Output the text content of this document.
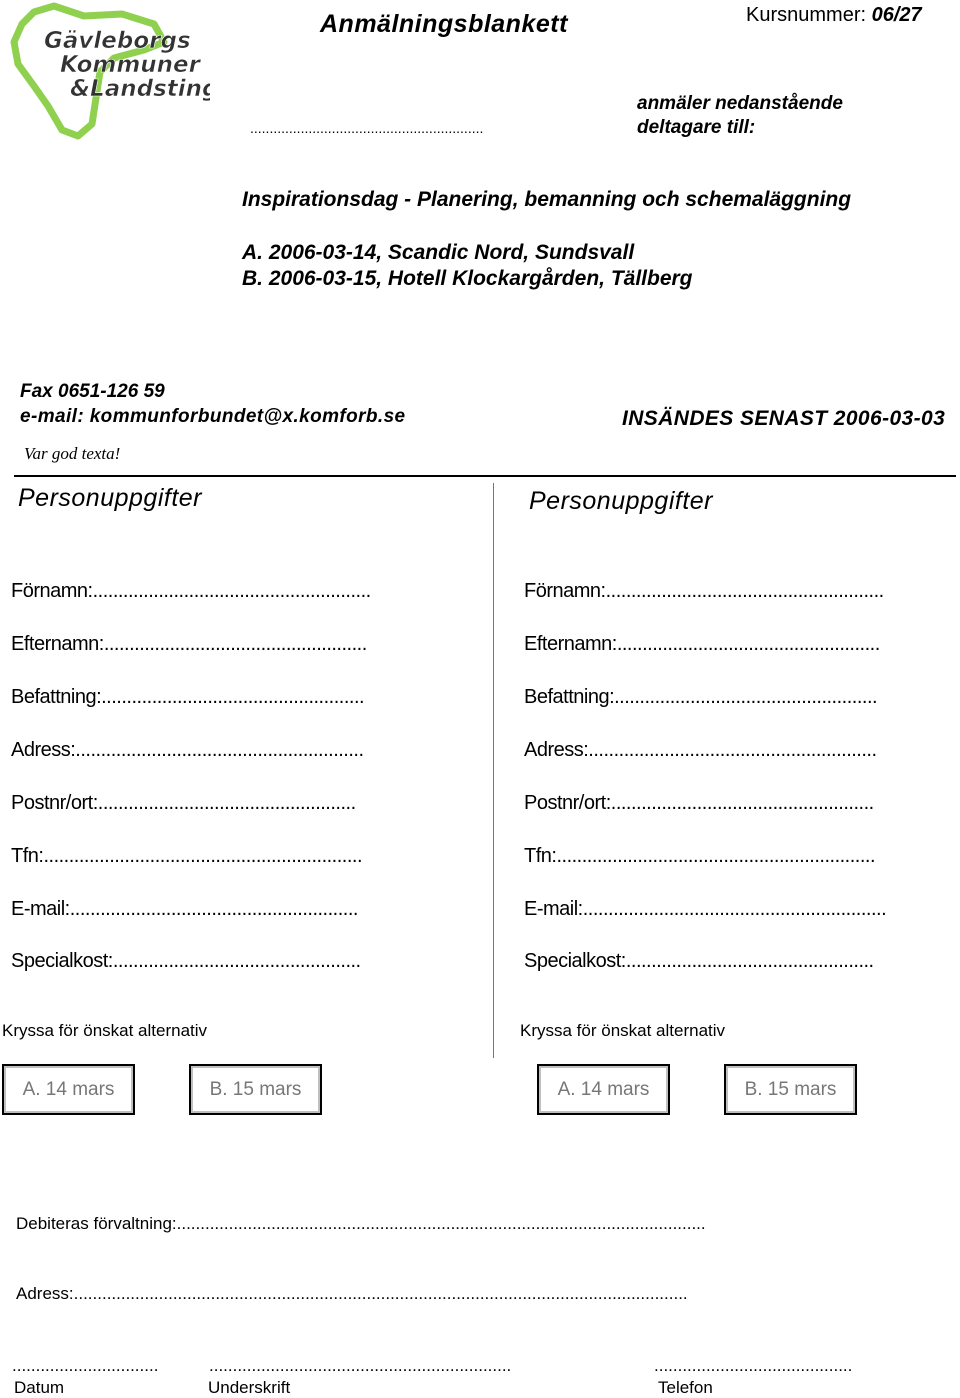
Gävleborgs
Kommuner
&Landsting
Anmälningsblankett	Kursnummer: 06/27
............................................................
anmäler nedanstående deltagare till:
Inspirationsdag - Planering, bemanning och schemaläggning
A. 2006-03-14, Scandic Nord, Sundsvall
B. 2006-03-15, Hotell Klockargården, Tällberg
Fax 0651-126 59
e-mail: kommunforbundet@x.komforb.se	INSÄNDES SENAST 2006-03-03
Var god texta!
Personuppgifter
Förnamn:.......................................................
Efternamn:....................................................
Befattning:....................................................
Adress:.........................................................
Postnr/ort:...................................................
Tfn:...............................................................
E-mail:.........................................................
Specialkost:.................................................
Kryssa för önskat alternativ
A. 14 mars	B. 15 mars
Personuppgifter
Förnamn:.......................................................
Efternamn:....................................................
Befattning:....................................................
Adress:.........................................................
Postnr/ort:....................................................
Tfn:...............................................................
E-mail:............................................................
Specialkost:.................................................
Kryssa för önskat alternativ
A. 14 mars	B. 15 mars
Debiteras förvaltning:................................................................................................................
Adress:..................................................................................................................................
...............................	................................................................	..........................................
Datum	Underskrift	Telefon
